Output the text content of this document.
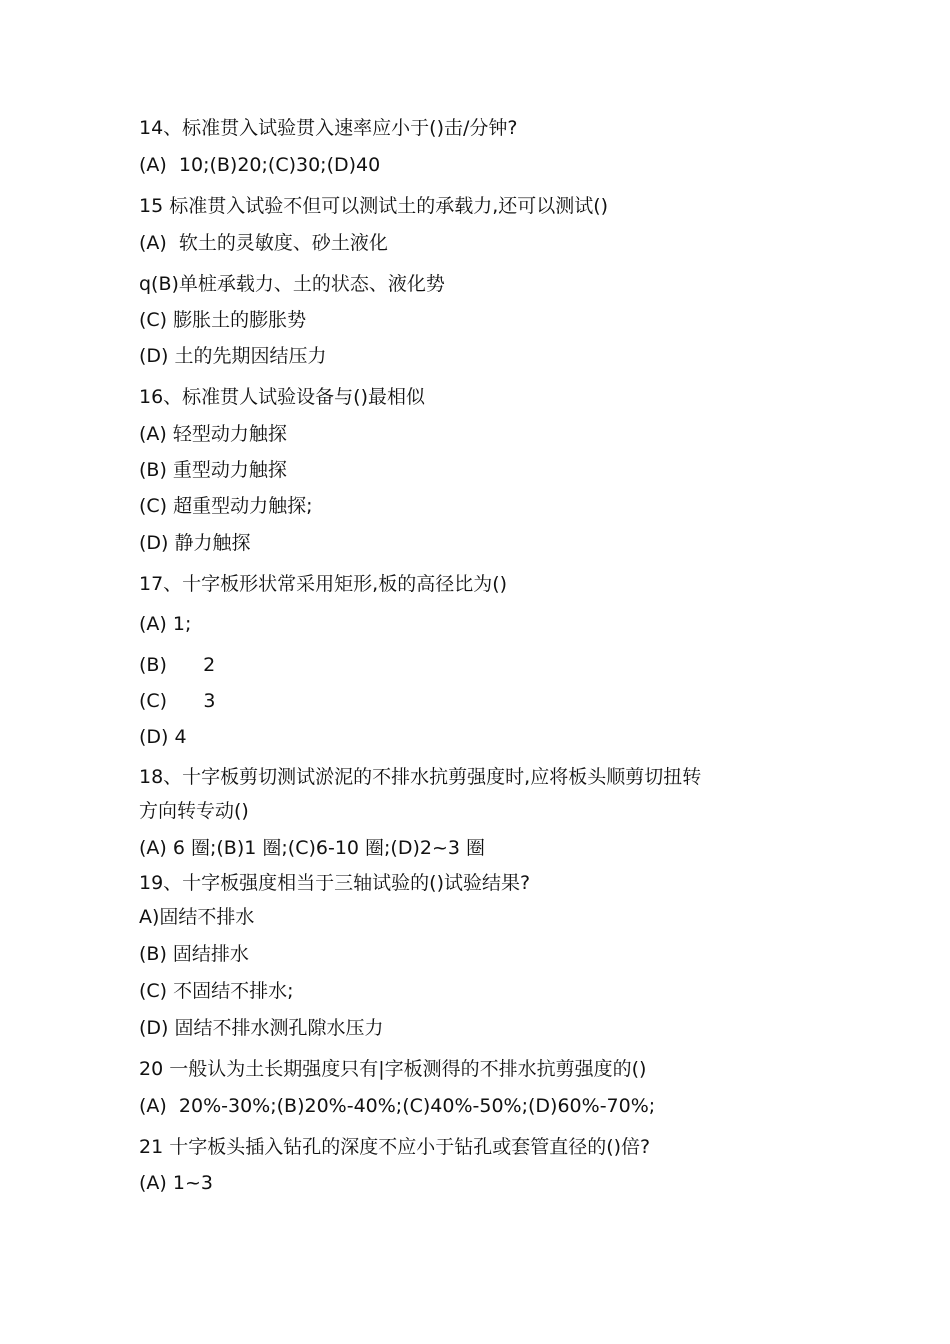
14、标准贯入试验贯入速率应小于()击/分钟?
(A)  10;(B)20;(C)30;(D)40
15 标准贯入试验不但可以测试土的承载力,还可以测试()
(A)  软土的灵敏度、砂土液化
q(B)单桩承载力、土的状态、液化势
(C) 膨胀土的膨胀势
(D) 土的先期因结压力
16、标准贯人试验设备与()最相似
(A) 轻型动力触探
(B) 重型动力触探
(C) 超重型动力触探;
(D) 静力触探
17、十字板形状常采用矩形,板的高径比为()
(A) 1;
(B)      2
(C)      3
(D) 4
18、十字板剪切测试淤泥的不排水抗剪强度时,应将板头顺剪切扭转
方向转专动()
(A) 6 圈;(B)1 圈;(C)6-10 圈;(D)2~3 圈
19、十字板强度相当于三轴试验的()试验结果?
A)固结不排水
(B) 固结排水
(C) 不固结不排水;
(D) 固结不排水测孔隙水压力
20 一般认为土长期强度只有|字板测得的不排水抗剪强度的()
(A)  20%-30%;(B)20%-40%;(C)40%-50%;(D)60%-70%;
21 十字板头插入钻孔的深度不应小于钻孔或套管直径的()倍?
(A) 1~3
